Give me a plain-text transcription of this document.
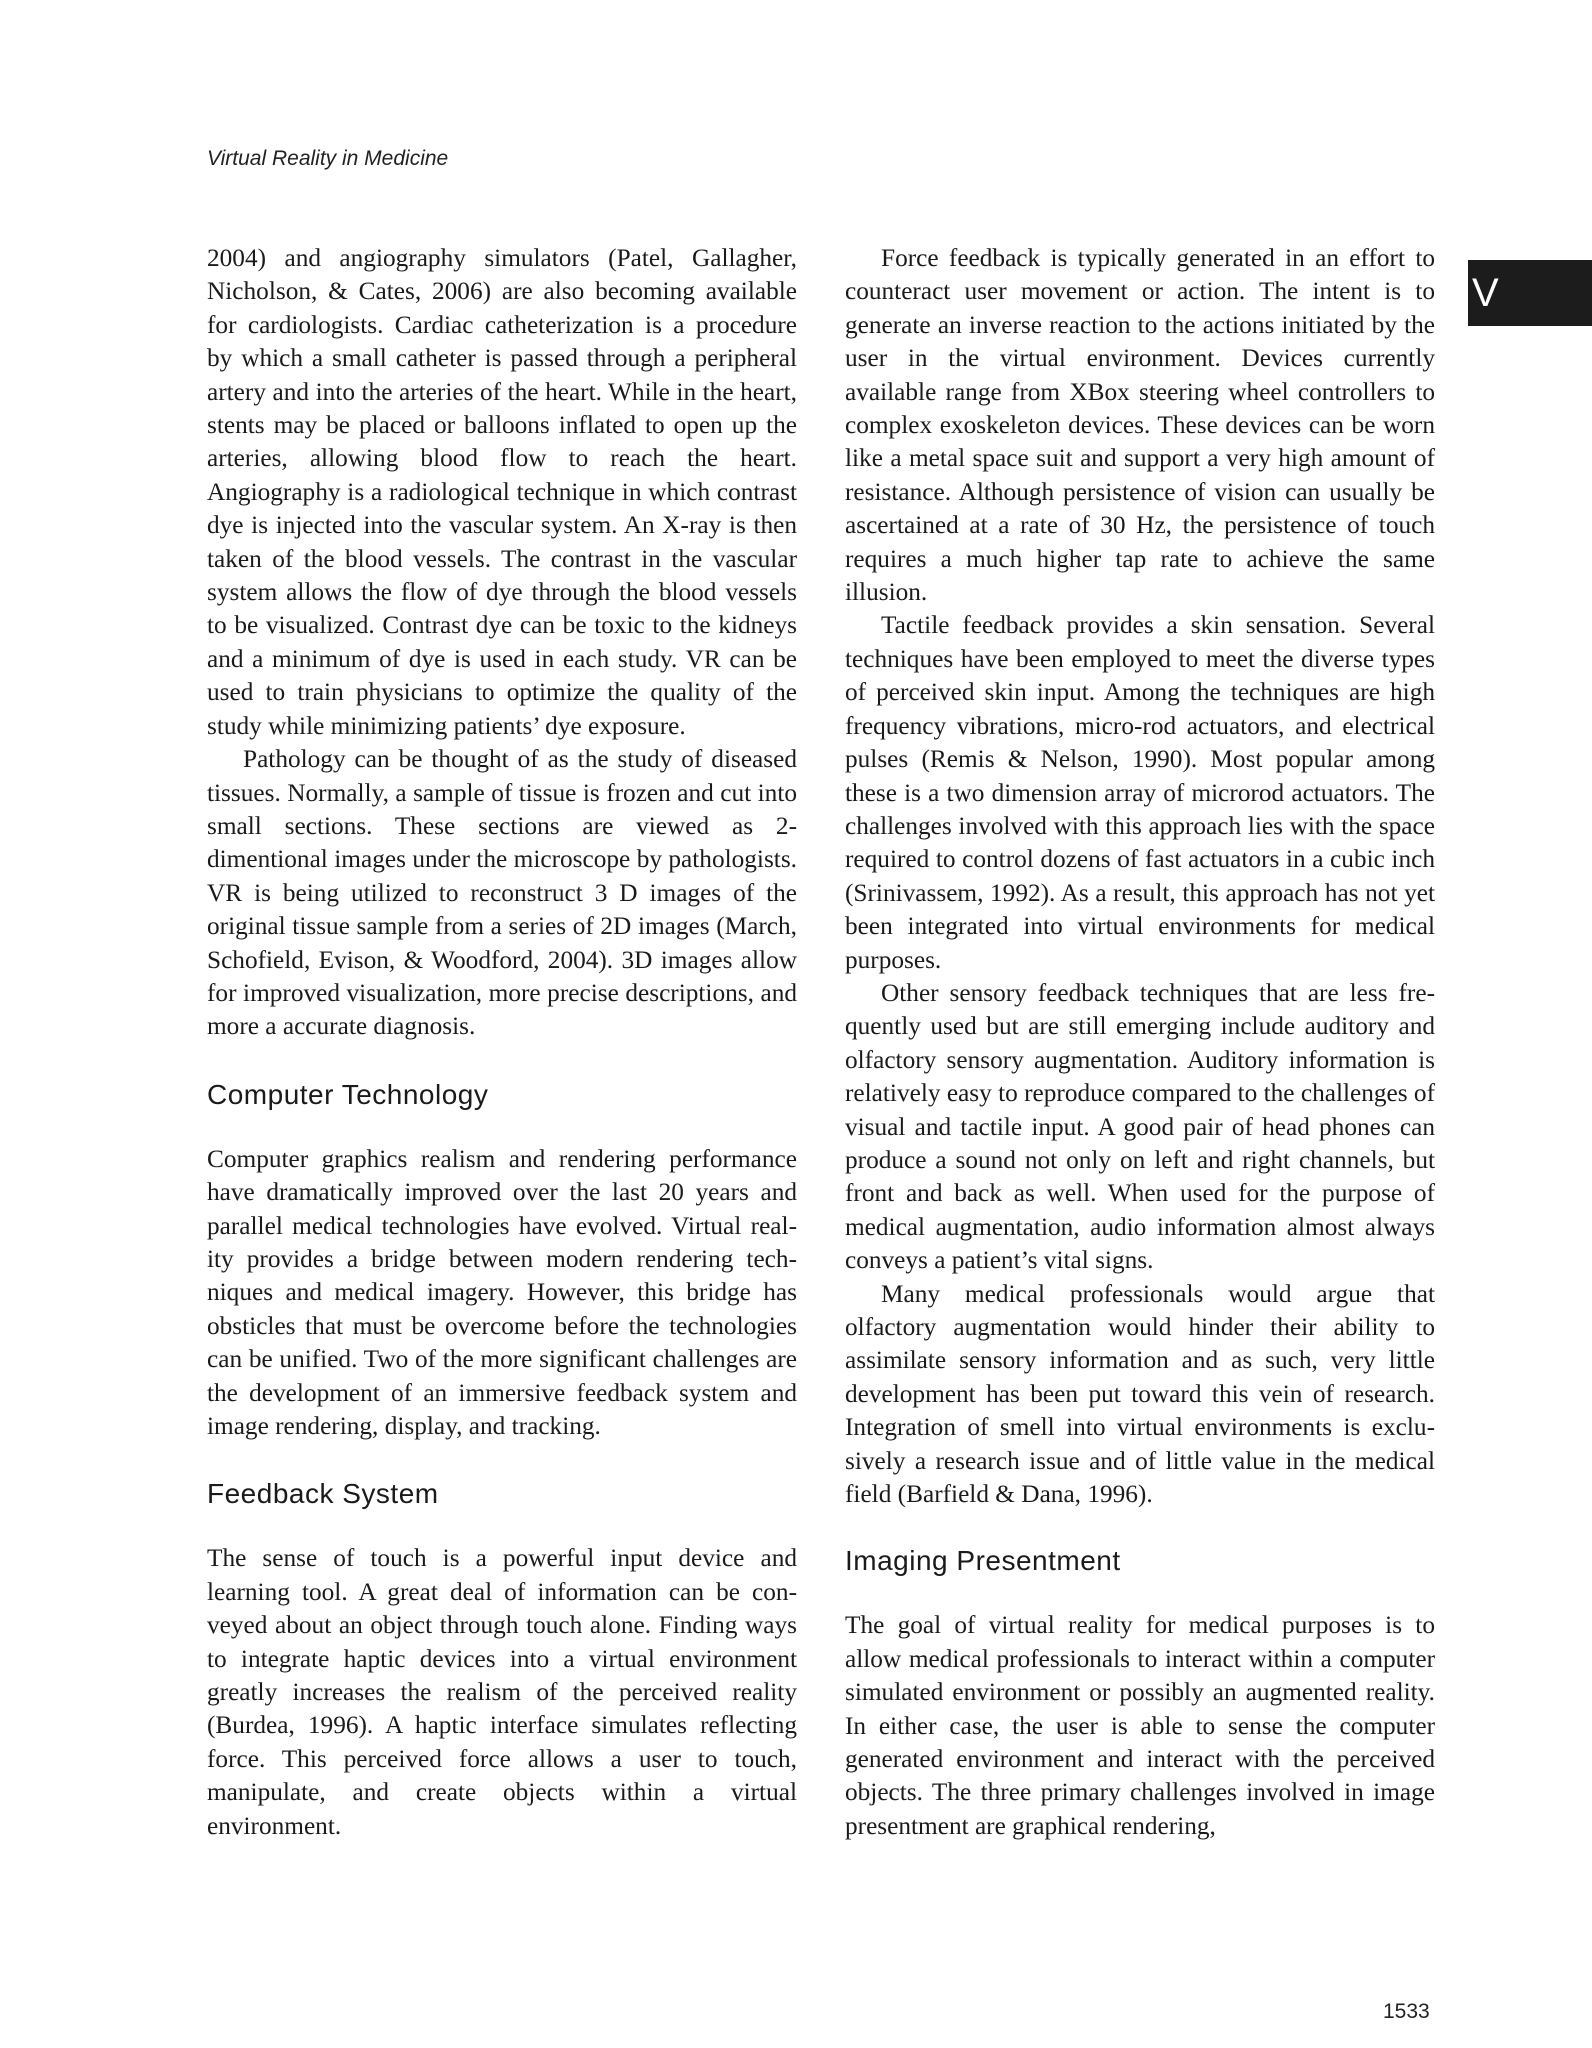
Virtual Reality in Medicine
V

2004) and angiography simulators (Patel, Gallagher, Nicholson, & Cates, 2006) are also becoming available for cardiologists. Cardiac catheterization is a procedure by which a small catheter is passed through a peripheral artery and into the arteries of the heart. While in the heart, stents may be placed or balloons inflated to open up the arteries, allowing blood flow to reach the heart. Angiography is a radiological technique in which contrast dye is injected into the vascular system. An X-ray is then taken of the blood vessels. The contrast in the vascular system allows the flow of dye through the blood vessels to be visualized. Contrast dye can be toxic to the kidneys and a minimum of dye is used in each study. VR can be used to train physicians to optimize the quality of the study while minimizing patients’ dye exposure.

Pathology can be thought of as the study of diseased tissues. Normally, a sample of tissue is frozen and cut into small sections. These sections are viewed as 2-dimentional images under the microscope by pathologists. VR is being utilized to reconstruct 3 D images of the original tissue sample from a series of 2D images (March, Schofield, Evison, & Woodford, 2004). 3D images allow for improved visualization, more precise descriptions, and more a accurate diagnosis.

Computer Technology

Computer graphics realism and rendering performance have dramatically improved over the last 20 years and parallel medical technologies have evolved. Virtual reality provides a bridge between modern rendering techniques and medical imagery. However, this bridge has obsticles that must be overcome before the technologies can be unified. Two of the more significant challenges are the development of an immersive feedback system and image rendering, display, and tracking.

Feedback System

The sense of touch is a powerful input device and learning tool. A great deal of information can be conveyed about an object through touch alone. Finding ways to integrate haptic devices into a virtual environment greatly increases the realism of the perceived reality (Burdea, 1996). A haptic interface simulates reflecting force. This perceived force allows a user to touch, manipulate, and create objects within a virtual environment.

Force feedback is typically generated in an effort to counteract user movement or action. The intent is to generate an inverse reaction to the actions initiated by the user in the virtual environment. Devices currently available range from XBox steering wheel controllers to complex exoskeleton devices. These devices can be worn like a metal space suit and support a very high amount of resistance. Although persistence of vision can usually be ascertained at a rate of 30 Hz, the persistence of touch requires a much higher tap rate to achieve the same illusion.

Tactile feedback provides a skin sensation. Several techniques have been employed to meet the diverse types of perceived skin input. Among the techniques are high frequency vibrations, micro-rod actuators, and electrical pulses (Remis & Nelson, 1990). Most popular among these is a two dimension array of microrod actuators. The challenges involved with this approach lies with the space required to control dozens of fast actuators in a cubic inch (Srinivassem, 1992). As a result, this approach has not yet been integrated into virtual environments for medical purposes.

Other sensory feedback techniques that are less frequently used but are still emerging include auditory and olfactory sensory augmentation. Auditory information is relatively easy to reproduce compared to the challenges of visual and tactile input. A good pair of head phones can produce a sound not only on left and right channels, but front and back as well. When used for the purpose of medical augmentation, audio information almost always conveys a patient’s vital signs.

Many medical professionals would argue that olfactory augmentation would hinder their ability to assimilate sensory information and as such, very little development has been put toward this vein of research. Integration of smell into virtual environments is exclusively a research issue and of little value in the medical field (Barfield & Dana, 1996).

Imaging Presentment

The goal of virtual reality for medical purposes is to allow medical professionals to interact within a computer simulated environment or possibly an augmented reality. In either case, the user is able to sense the computer generated environment and interact with the perceived objects. The three primary challenges involved in image presentment are graphical rendering,

1533
